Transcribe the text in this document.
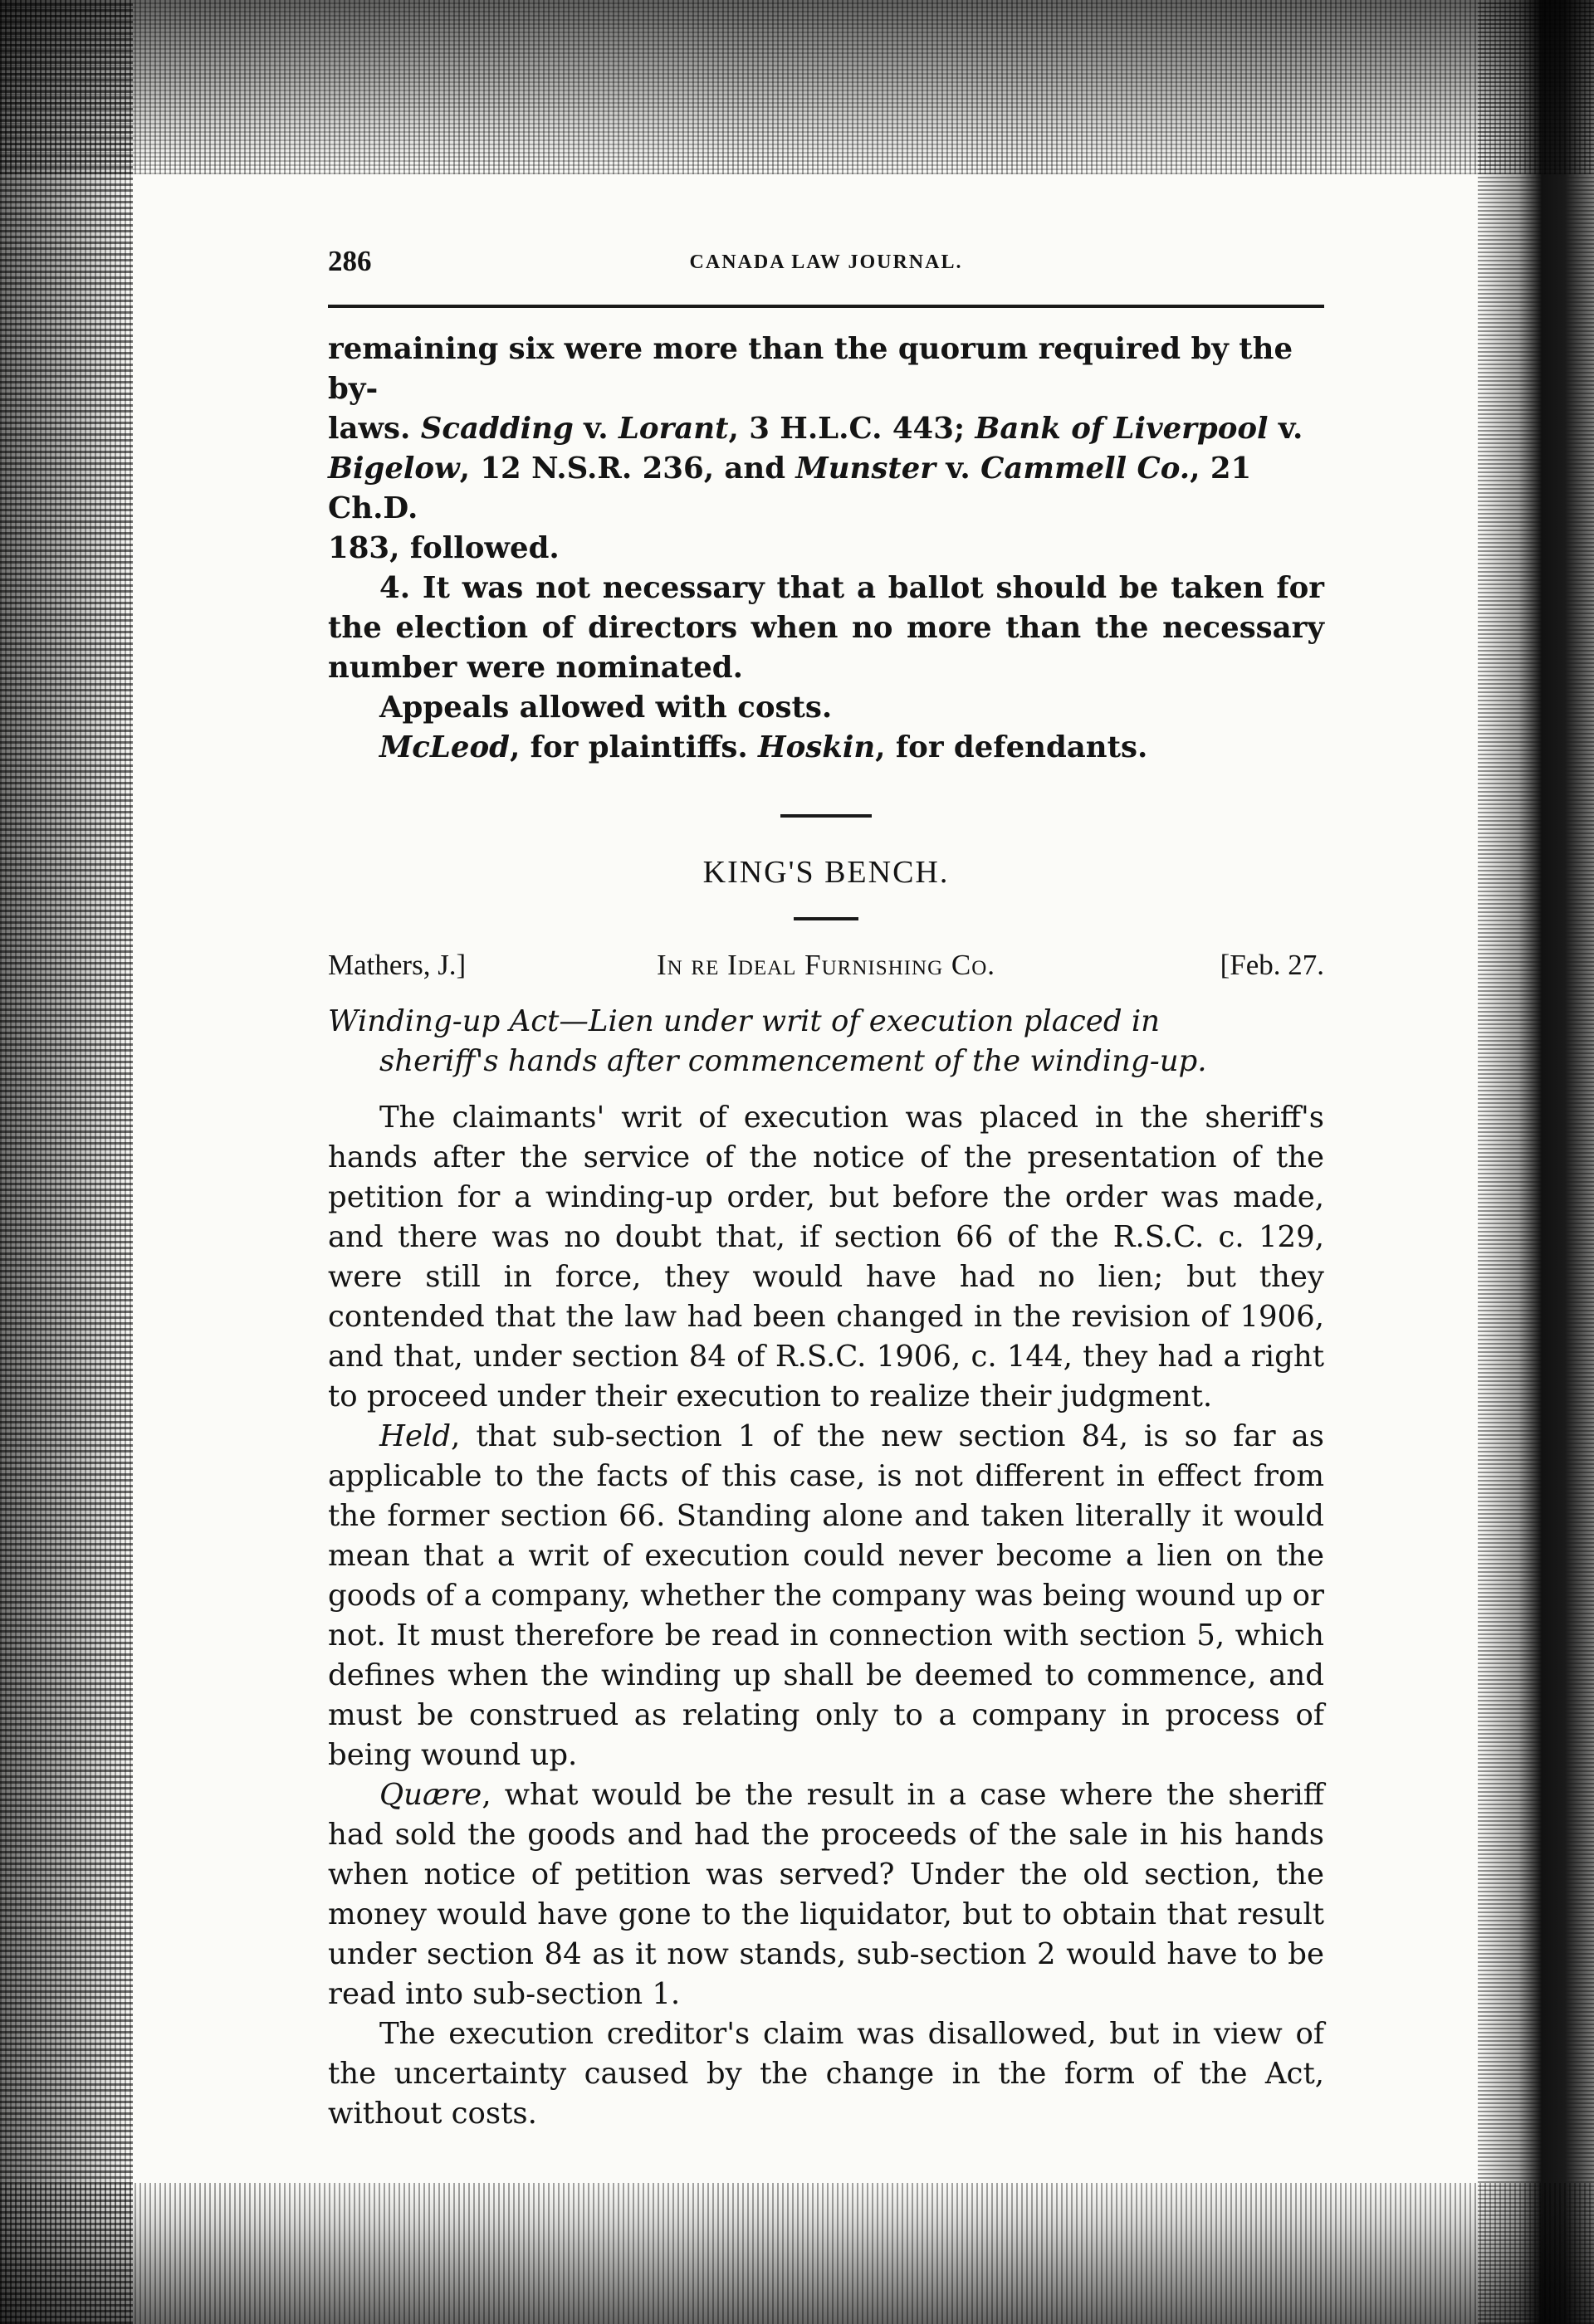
286	CANADA LAW JOURNAL.

remaining six were more than the quorum required by the by-
laws. Scadding v. Lorant, 3 H.L.C. 443; Bank of Liverpool v.
Bigelow, 12 N.S.R. 236, and Munster v. Cammell Co., 21 Ch.D.
183, followed.

4. It was not necessary that a ballot should be taken for the election of directors when no more than the necessary number were nominated.

Appeals allowed with costs.

McLeod, for plaintiffs. Hoskin, for defendants.

KING'S BENCH.
Mathers, J.]	In re Ideal Furnishing Co.	[Feb. 27.

Winding-up Act—Lien under writ of execution placed in

sheriff's hands after commencement of the winding-up.

The claimants' writ of execution was placed in the sheriff's hands after the service of the notice of the presentation of the petition for a winding-up order, but before the order was made, and there was no doubt that, if section 66 of the R.S.C. c. 129, were still in force, they would have had no lien; but they contended that the law had been changed in the revision of 1906, and that, under section 84 of R.S.C. 1906, c. 144, they had a right to proceed under their execution to realize their judgment.

Held, that sub-section 1 of the new section 84, is so far as applicable to the facts of this case, is not different in effect from the former section 66. Standing alone and taken literally it would mean that a writ of execution could never become a lien on the goods of a company, whether the company was being wound up or not. It must therefore be read in connection with section 5, which defines when the winding up shall be deemed to commence, and must be construed as relating only to a company in process of being wound up.

Quære, what would be the result in a case where the sheriff had sold the goods and had the proceeds of the sale in his hands when notice of petition was served? Under the old section, the money would have gone to the liquidator, but to obtain that result under section 84 as it now stands, sub-section 2 would have to be read into sub-section 1.

The execution creditor's claim was disallowed, but in view of the uncertainty caused by the change in the form of the Act, without costs.
